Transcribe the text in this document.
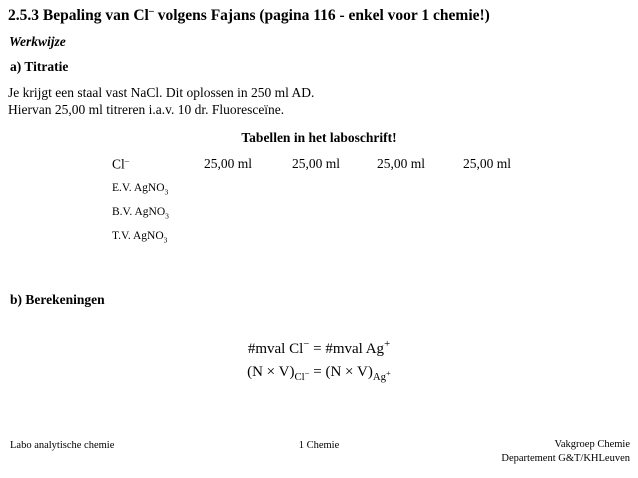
2.5.3 Bepaling van Cl– volgens Fajans (pagina 116 - enkel voor 1 chemie!)
Werkwijze
a) Titratie
Je krijgt een staal vast NaCl. Dit oplossen in 250 ml AD.
Hiervan 25,00 ml titreren i.a.v. 10 dr. Fluoresceïne.
Tabellen in het laboschrift!
Cl–	25,00 ml	25,00 ml	25,00 ml	25,00 ml
E.V. AgNO$_3$
B.V. AgNO$_3$
T.V. AgNO$_3$
b) Berekeningen
#mval Cl− = #mval Ag+
$(N \times V)_{Cl^-} = (N \times V)_{Ag^+}$
Labo analytische chemie	1 Chemie	Vakgroep Chemie
Departement G&T/KHLeuven
